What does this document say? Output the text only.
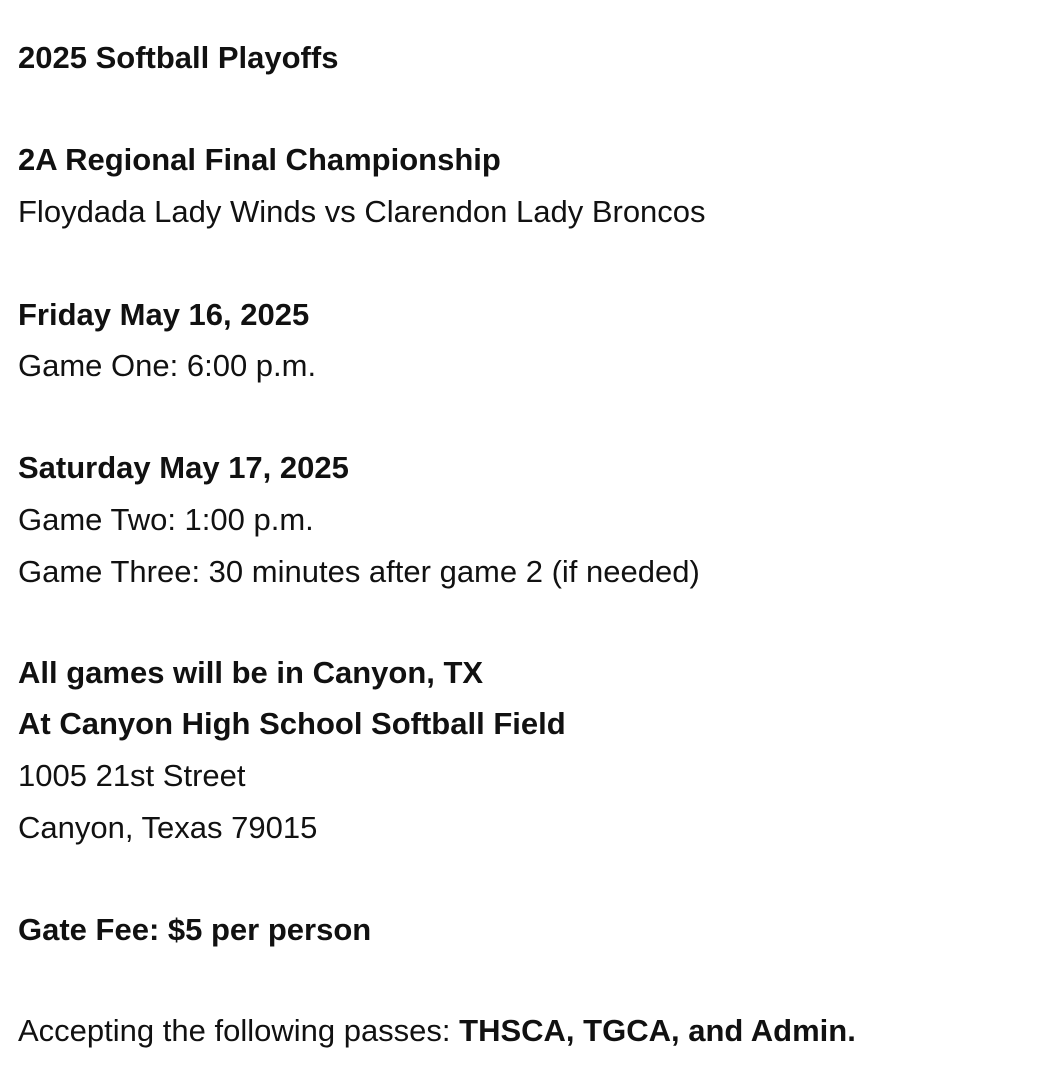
2025 Softball Playoffs
2A Regional Final Championship
Floydada Lady Winds vs Clarendon Lady Broncos
Friday May 16, 2025
Game One: 6:00 p.m.
Saturday May 17, 2025
Game Two: 1:00 p.m.
Game Three: 30 minutes after game 2 (if needed)
All games will be in Canyon, TX
At Canyon High School Softball Field
1005 21st Street
Canyon, Texas 79015
Gate Fee: $5 per person
Accepting the following passes: THSCA, TGCA, and Admin.
